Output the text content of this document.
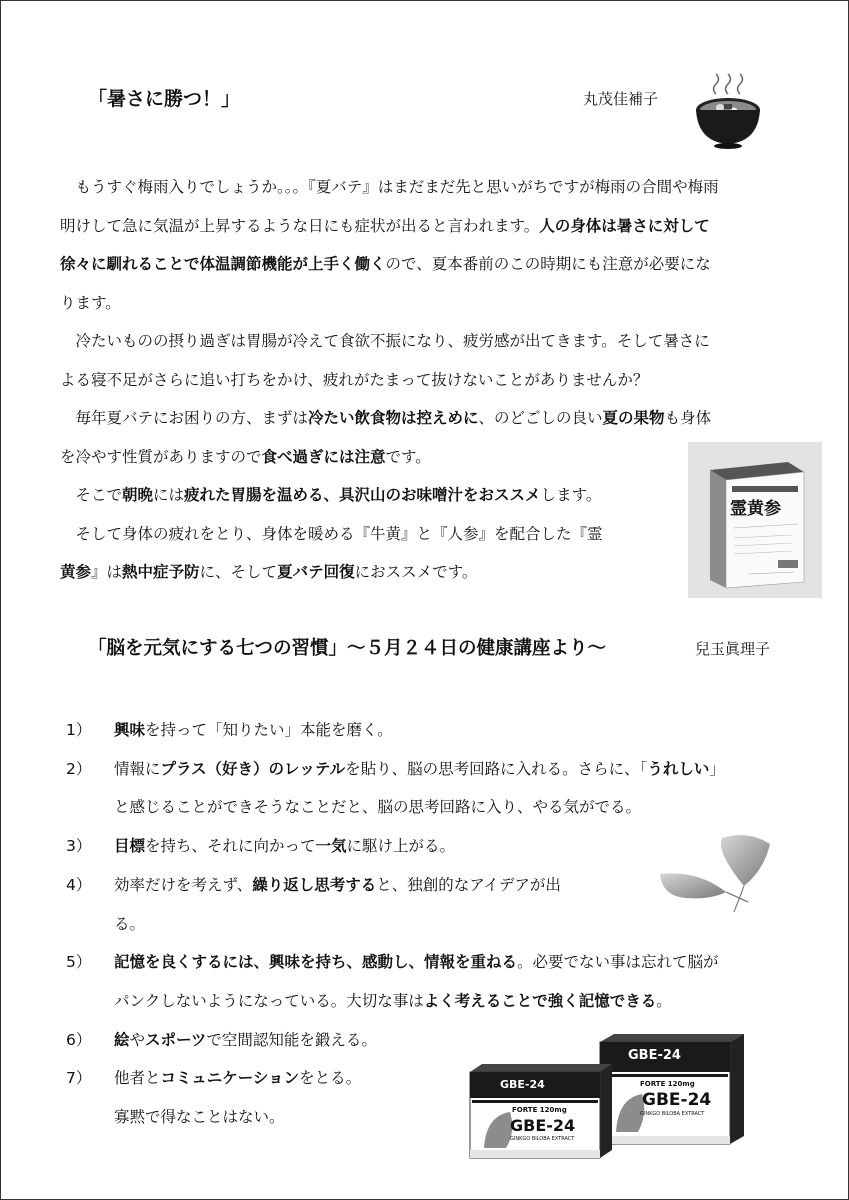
「暑さに勝つ！」	丸茂佳補子
　もうすぐ梅雨入りでしょうか。。。『夏バテ』はまだまだ先と思いがちですが梅雨の合間や梅雨
明けして急に気温が上昇するような日にも症状が出ると言われます。人の身体は暑さに対して
徐々に馴れることで体温調節機能が上手く働くので、夏本番前のこの時期にも注意が必要にな
ります。
　冷たいものの摂り過ぎは胃腸が冷えて食欲不振になり、疲労感が出てきます。そして暑さに
よる寝不足がさらに追い打ちをかけ、疲れがたまって抜けないことがありませんか？
　毎年夏バテにお困りの方、まずは冷たい飲食物は控えめに、のどごしの良い夏の果物も身体
を冷やす性質がありますので食べ過ぎには注意です。
　そこで朝晩には疲れた胃腸を温める、具沢山のお味噌汁をおススメします。
　そして身体の疲れをとり、身体を暖める『牛黄』と『人参』を配合した『霊
黄参』は熱中症予防に、そして夏バテ回復におススメです。
霊黄参
「脳を元気にする七つの習慣」〜５月２４日の健康講座より〜	兒玉眞理子
1） 興味を持って「知りたい」本能を磨く。
2） 情報にプラス（好き）のレッテルを貼り、脳の思考回路に入れる。さらに、「うれしい」
と感じることができそうなことだと、脳の思考回路に入り、やる気がでる。
3） 目標を持ち、それに向かって一気に駆け上がる。
4） 効率だけを考えず、繰り返し思考すると、独創的なアイデアが出
る。
5） 記憶を良くするには、興味を持ち、感動し、情報を重ねる。必要でない事は忘れて脳が
パンクしないようになっている。大切な事はよく考えることで強く記憶できる。
6） 絵やスポーツで空間認知能を鍛える。
7） 他者とコミュニケーションをとる。
寡黙で得なことはない。
GBE-24
FORTE 120mg
GBE-24
GINKGO BILOBA EXTRACT
GBE-24
FORTE 120mg
GBE-24
GINKGO BILOBA EXTRACT
